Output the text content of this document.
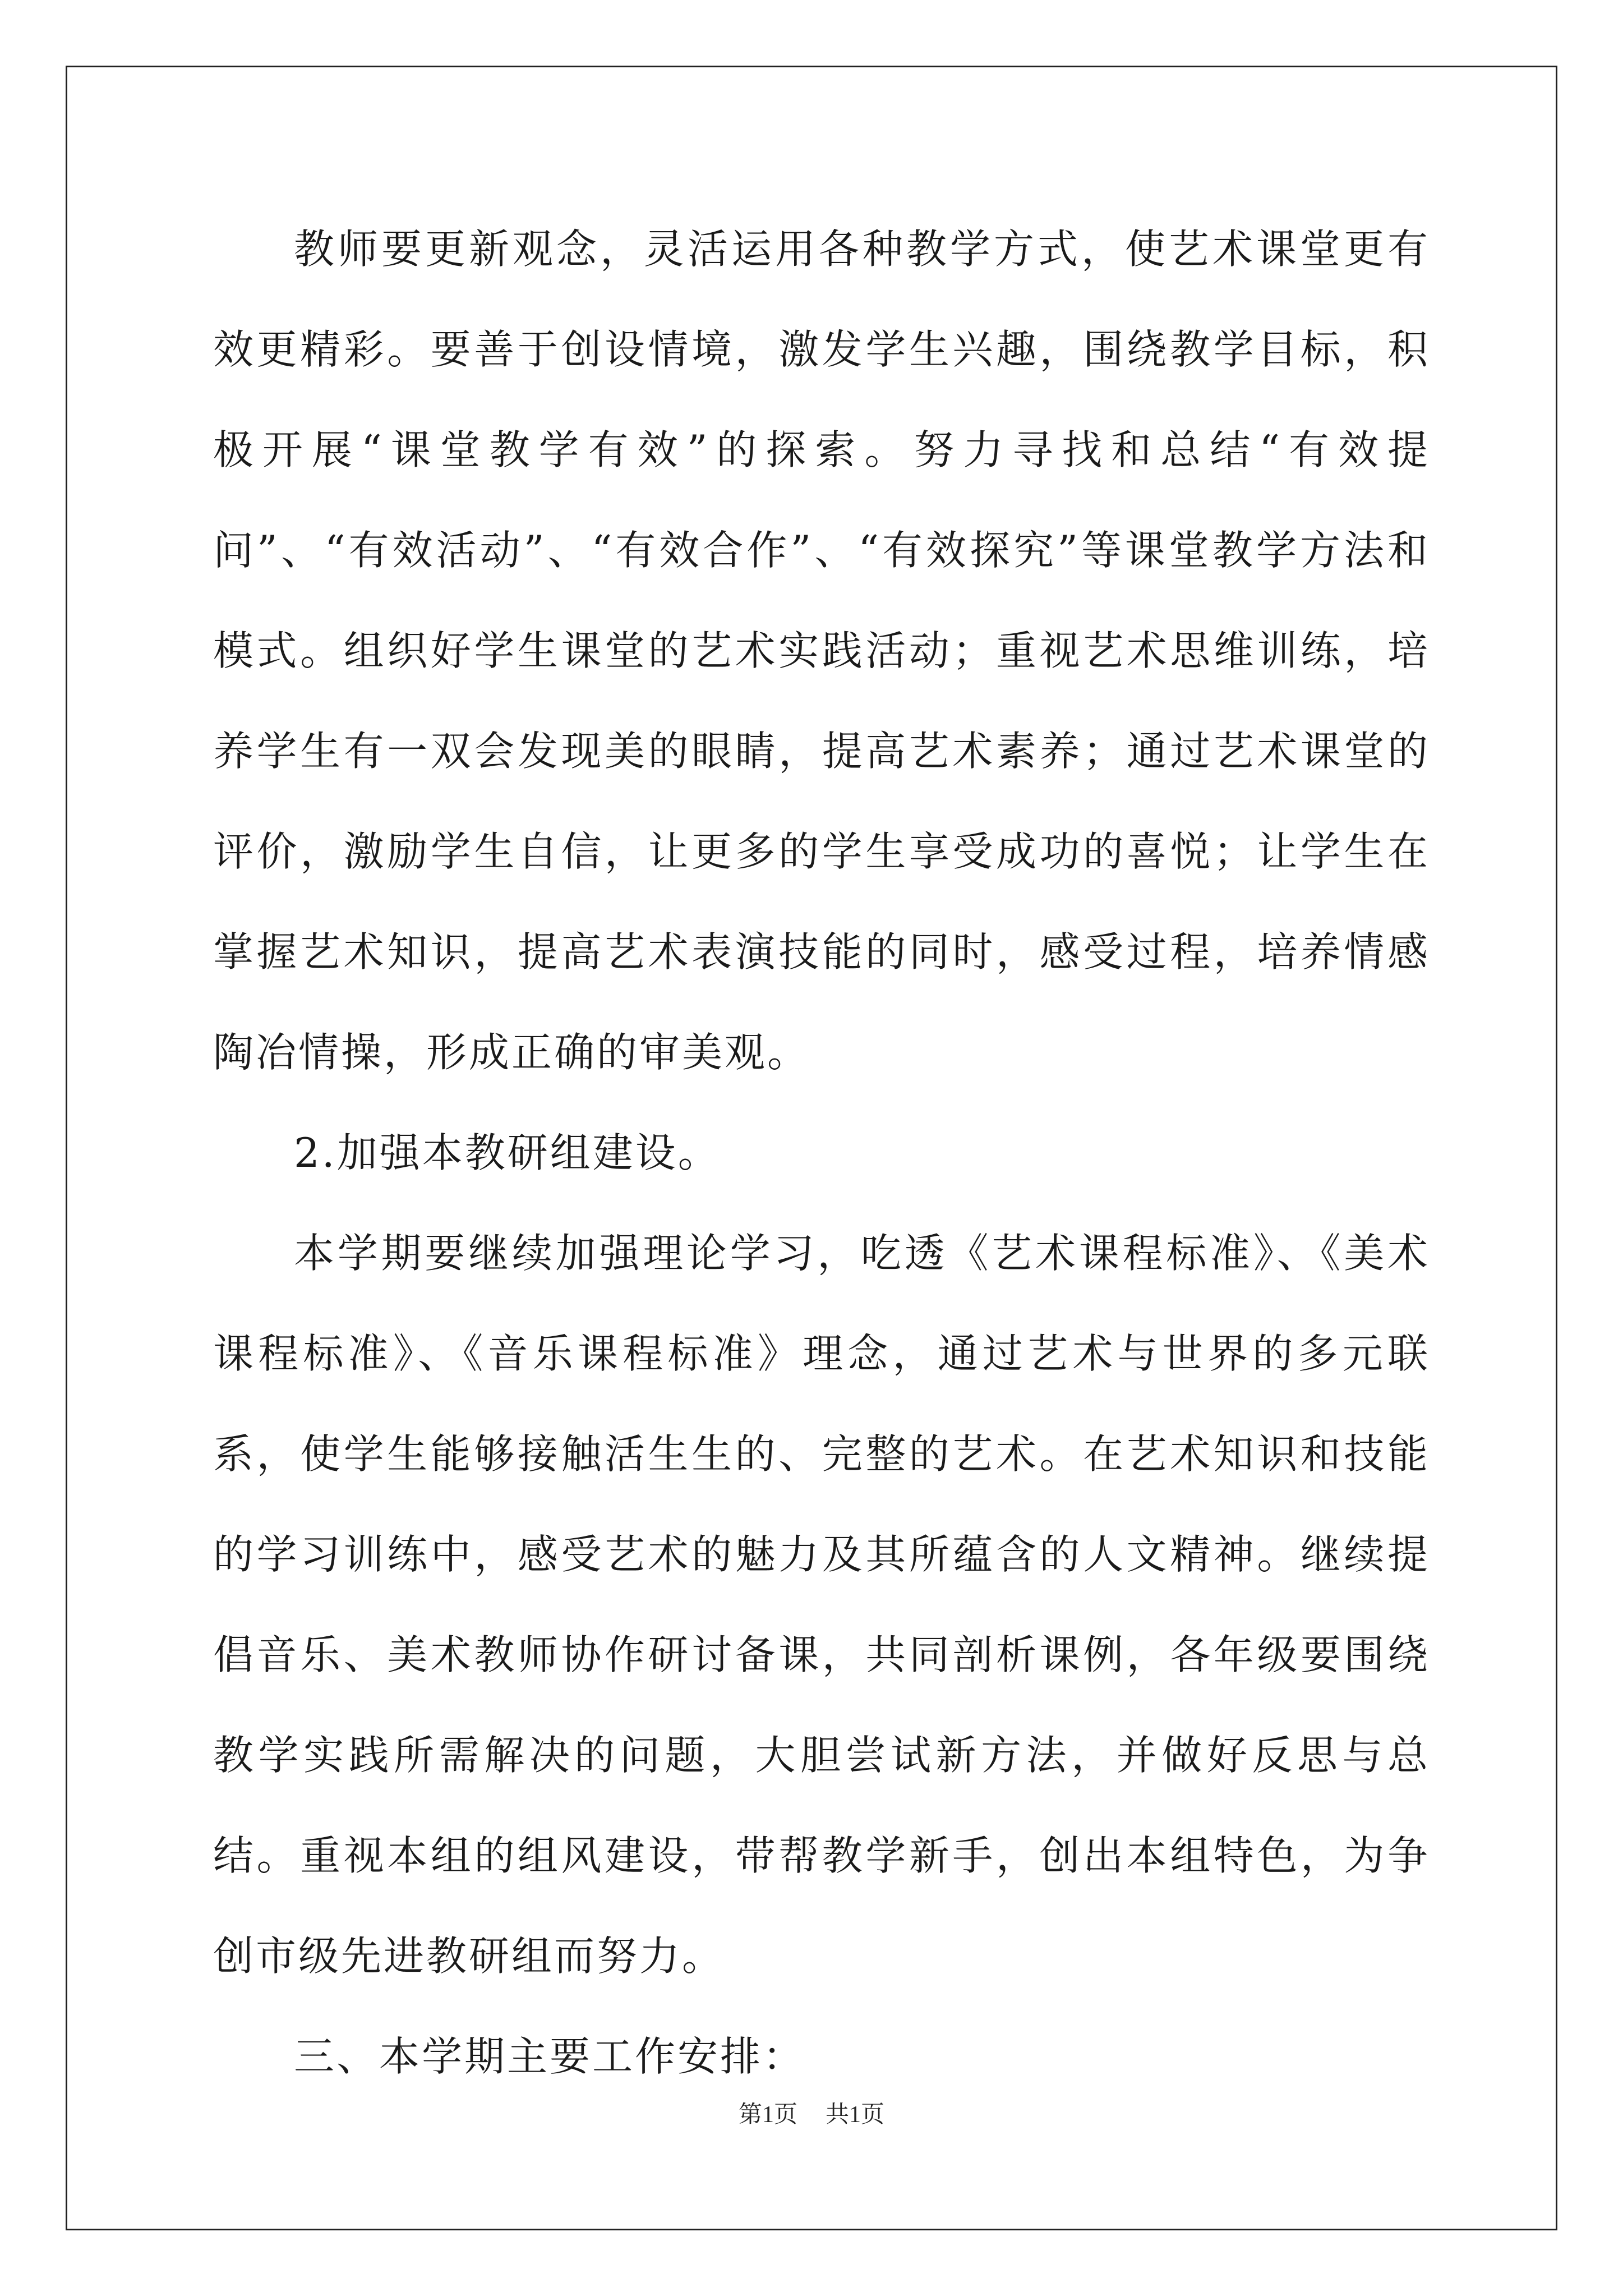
教师要更新观念，灵活运用各种教学方式，使艺术课堂更有效更精彩。要善于创设情境，激发学生兴趣，围绕教学目标，积极开展“课堂教学有效”的探索。努力寻找和总结“有效提问”、“有效活动”、“有效合作”、“有效探究”等课堂教学方法和模式。组织好学生课堂的艺术实践活动；重视艺术思维训练，培养学生有一双会发现美的眼睛，提高艺术素养；通过艺术课堂的评价，激励学生自信，让更多的学生享受成功的喜悦；让学生在掌握艺术知识，提高艺术表演技能的同时，感受过程，培养情感陶冶情操，形成正确的审美观。

2.加强本教研组建设。

本学期要继续加强理论学习，吃透《艺术课程标准》、《美术课程标准》、《音乐课程标准》理念，通过艺术与世界的多元联系，使学生能够接触活生生的、完整的艺术。在艺术知识和技能的学习训练中，感受艺术的魅力及其所蕴含的人文精神。继续提倡音乐、美术教师协作研讨备课，共同剖析课例，各年级要围绕教学实践所需解决的问题，大胆尝试新方法，并做好反思与总结。重视本组的组风建设，带帮教学新手，创出本组特色，为争创市级先进教研组而努力。

三、本学期主要工作安排：

第1页 共1页
